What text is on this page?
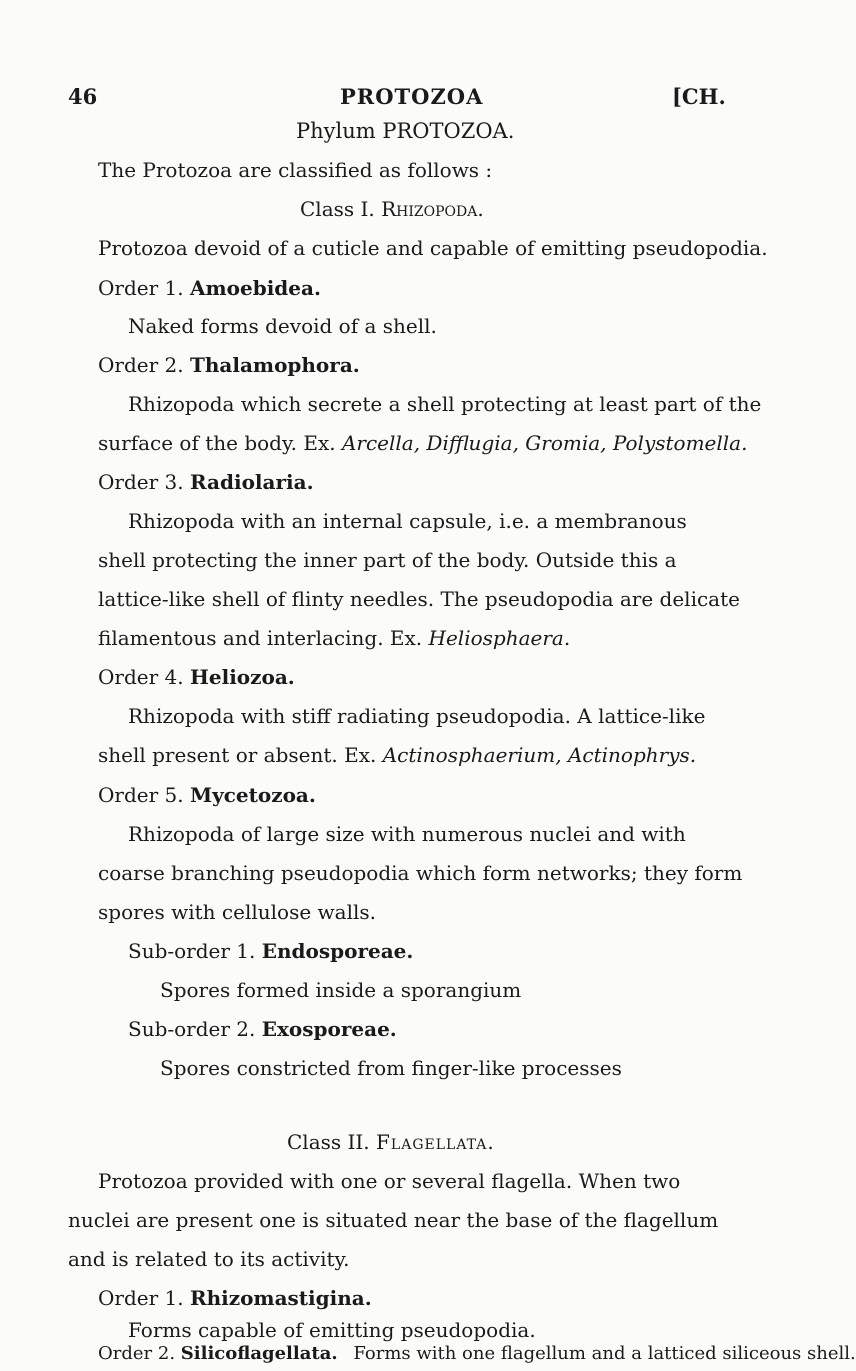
46	PROTOZOA	[CH.
Phylum PROTOZOA.
The Protozoa are classified as follows :
Class I. Rhizopoda.
Protozoa devoid of a cuticle and capable of emitting pseudopodia.
Order 1. Amoebidea.
Naked forms devoid of a shell.
Order 2. Thalamophora.
Rhizopoda which secrete a shell protecting at least part of the
surface of the body. Ex. Arcella, Difflugia, Gromia, Polystomella.
Order 3. Radiolaria.
Rhizopoda with an internal capsule, i.e. a membranous
shell protecting the inner part of the body. Outside this a
lattice-like shell of flinty needles. The pseudopodia are delicate
filamentous and interlacing. Ex. Heliosphaera.
Order 4. Heliozoa.
Rhizopoda with stiff radiating pseudopodia. A lattice-like
shell present or absent. Ex. Actinosphaerium, Actinophrys.
Order 5. Mycetozoa.
Rhizopoda of large size with numerous nuclei and with
coarse branching pseudopodia which form networks; they form
spores with cellulose walls.
Sub-order 1. Endosporeae.
Spores formed inside a sporangium
Sub-order 2. Exosporeae.
Spores constricted from finger-like processes
Class II. Flagellata.
Protozoa provided with one or several flagella. When two
nuclei are present one is situated near the base of the flagellum
and is related to its activity.
Order 1. Rhizomastigina.
Forms capable of emitting pseudopodia.
Order 2. Silicoflagellata. Forms with one flagellum and a latticed siliceous shell.
